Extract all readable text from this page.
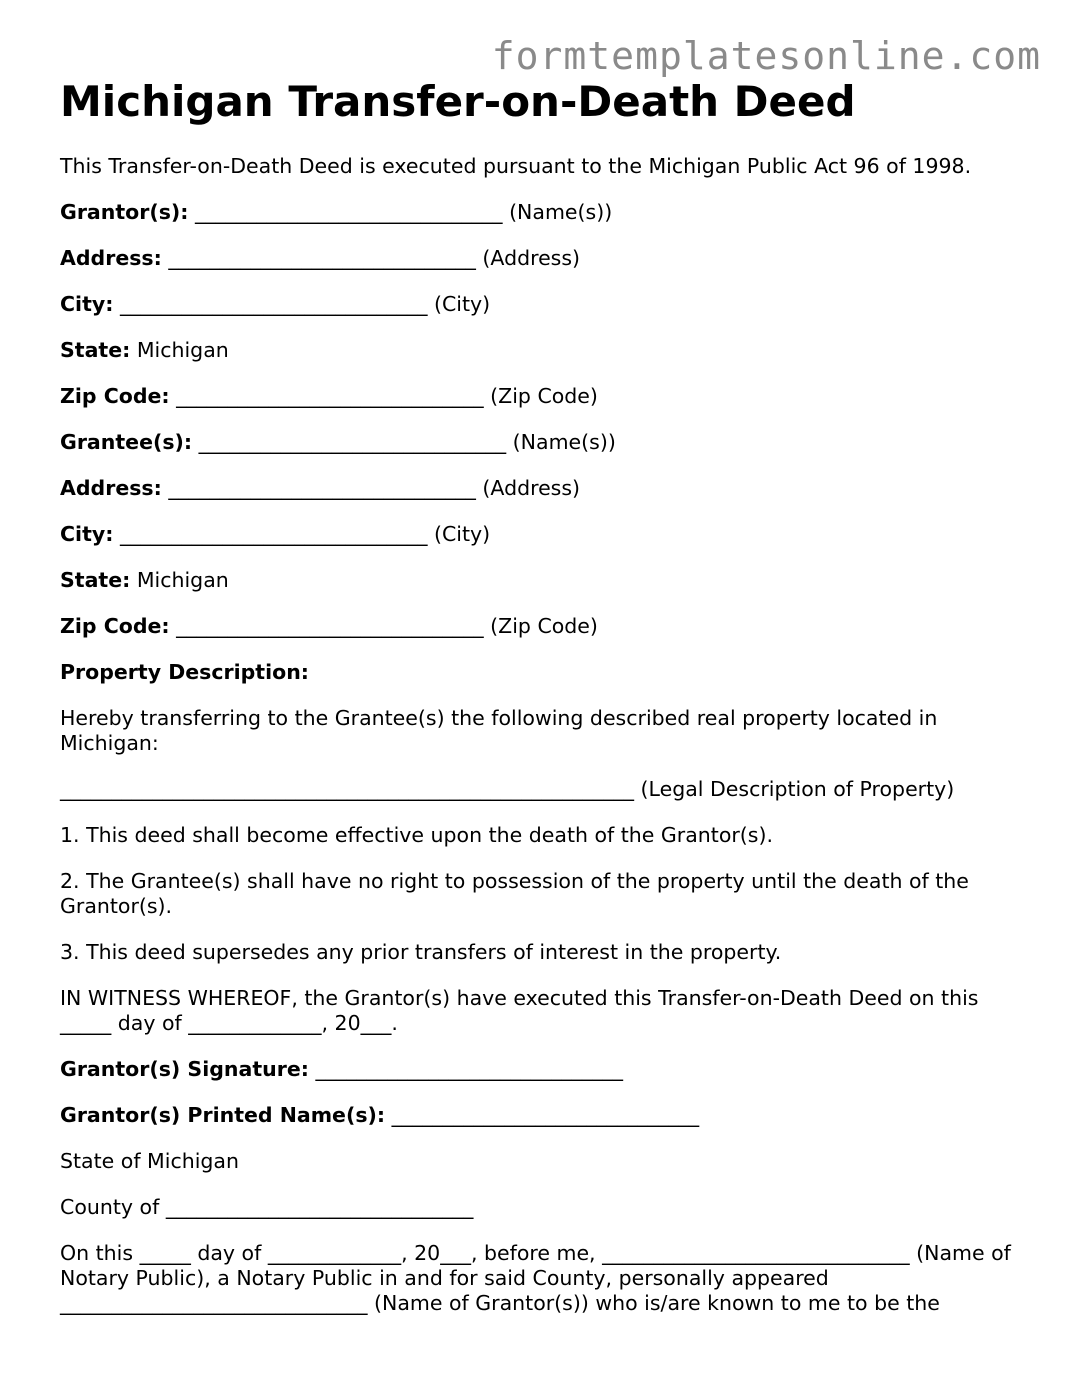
formtemplatesonline.com
Michigan Transfer-on-Death Deed

This Transfer-on-Death Deed is executed pursuant to the Michigan Public Act 96 of 1998.

Grantor(s): ______________________________ (Name(s))

Address: ______________________________ (Address)

City: ______________________________ (City)

State: Michigan

Zip Code: ______________________________ (Zip Code)

Grantee(s): ______________________________ (Name(s))

Address: ______________________________ (Address)

City: ______________________________ (City)

State: Michigan

Zip Code: ______________________________ (Zip Code)

Property Description:

Hereby transferring to the Grantee(s) the following described real property located in Michigan:

________________________________________________________ (Legal Description of Property)

1. This deed shall become effective upon the death of the Grantor(s).

2. The Grantee(s) shall have no right to possession of the property until the death of the Grantor(s).

3. This deed supersedes any prior transfers of interest in the property.

IN WITNESS WHEREOF, the Grantor(s) have executed this Transfer-on-Death Deed on this _____ day of _____________, 20___.

Grantor(s) Signature: ______________________________

Grantor(s) Printed Name(s): ______________________________

State of Michigan

County of ______________________________

On this _____ day of _____________, 20___, before me, ______________________________ (Name of Notary Public), a Notary Public in and for said County, personally appeared ______________________________ (Name of Grantor(s)) who is/are known to me to be the
